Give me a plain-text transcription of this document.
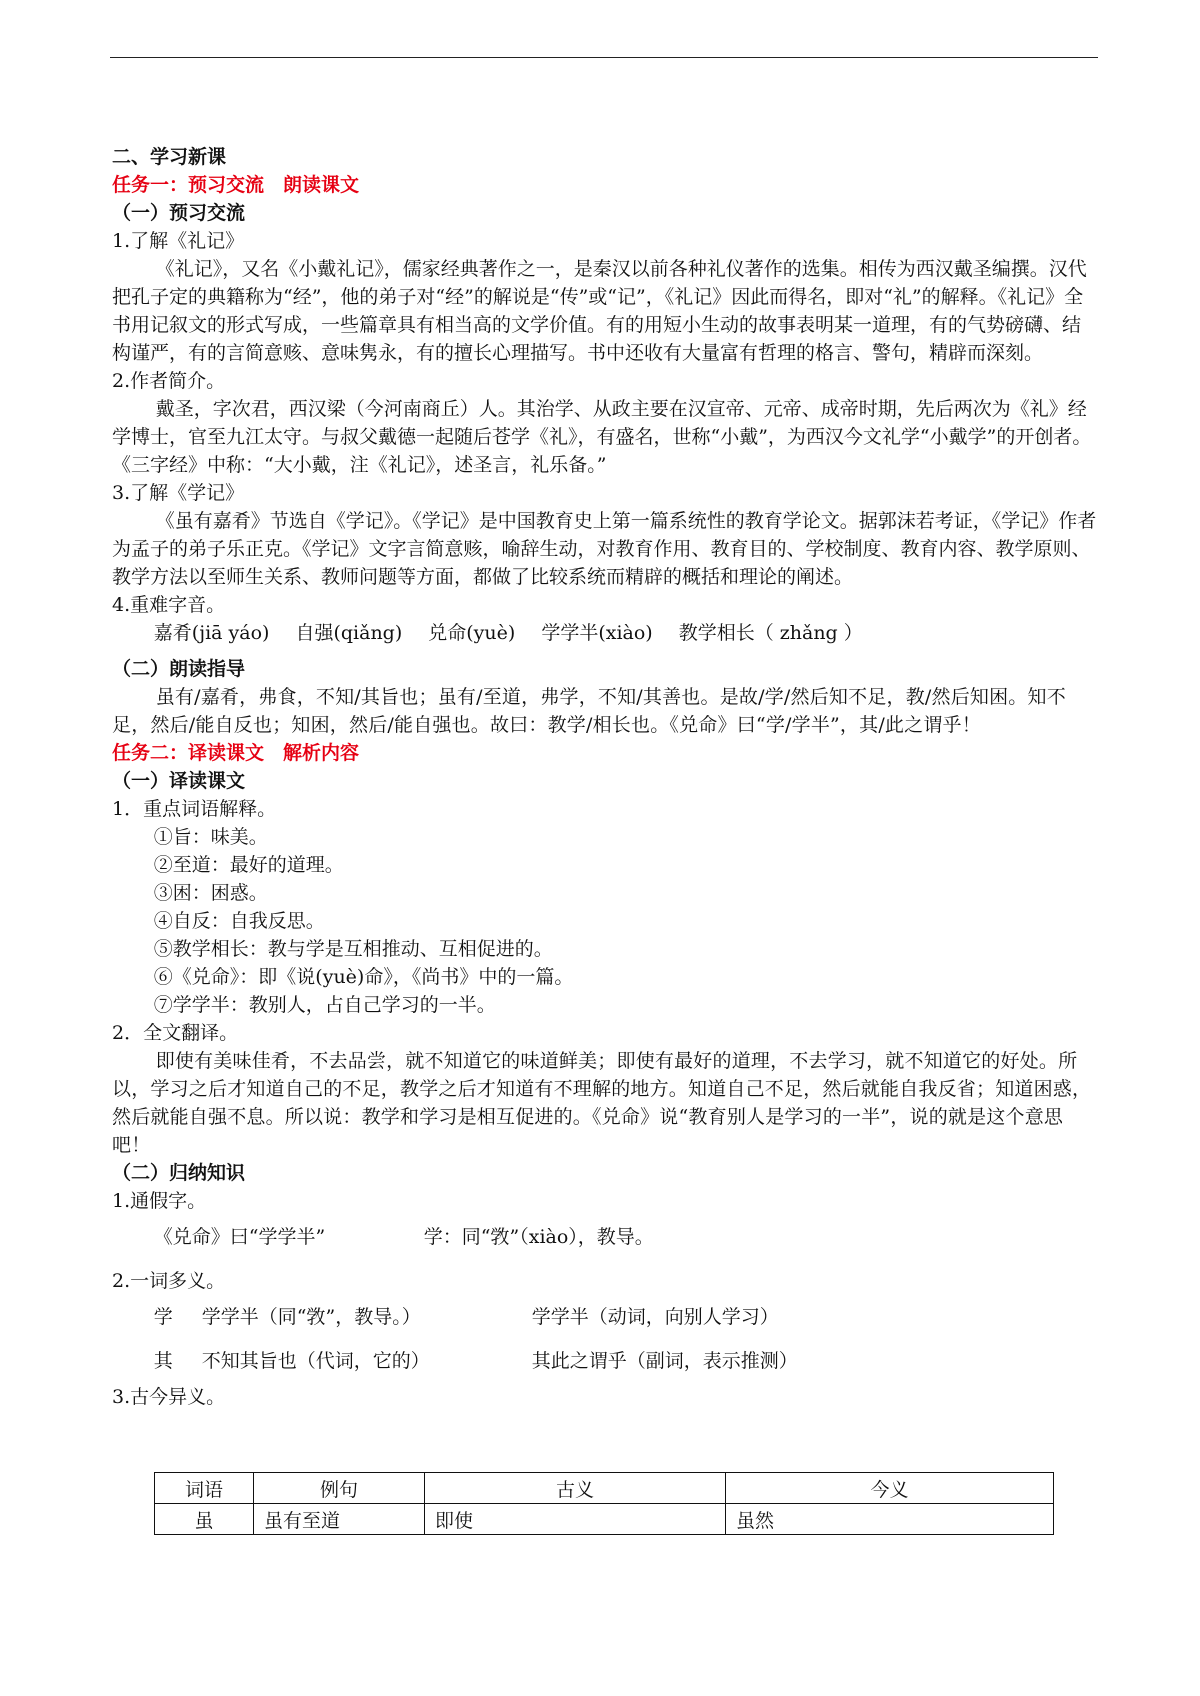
二、学习新课

任务一：预习交流　朗读课文

（一）预习交流

1.了解《礼记》

《礼记》，又名《小戴礼记》，儒家经典著作之一，是秦汉以前各种礼仪著作的选集。相传为西汉戴圣编撰。汉代把孔子定的典籍称为“经”，他的弟子对“经”的解说是“传”或“记”，《礼记》因此而得名，即对“礼”的解释。《礼记》全书用记叙文的形式写成，一些篇章具有相当高的文学价值。有的用短小生动的故事表明某一道理，有的气势磅礴、结构谨严，有的言简意赅、意味隽永，有的擅长心理描写。书中还收有大量富有哲理的格言、警句，精辟而深刻。

2.作者简介。

戴圣，字次君，西汉梁（今河南商丘）人。其治学、从政主要在汉宣帝、元帝、成帝时期，先后两次为《礼》经学博士，官至九江太守。与叔父戴德一起随后苍学《礼》，有盛名，世称“小戴”，为西汉今文礼学“小戴学”的开创者。《三字经》中称：“大小戴，注《礼记》，述圣言，礼乐备。”

3.了解《学记》

《虽有嘉肴》节选自《学记》。《学记》是中国教育史上第一篇系统性的教育学论文。据郭沫若考证，《学记》作者为孟子的弟子乐正克。《学记》文字言简意赅，喻辞生动，对教育作用、教育目的、学校制度、教育内容、教学原则、教学方法以至师生关系、教师问题等方面，都做了比较系统而精辟的概括和理论的阐述。

4.重难字音。

嘉肴(jiā yáo) 自强(qiǎng) 兑命(yuè) 学学半(xiào) 教学相长（ zhǎng ）

（二）朗读指导

虽有/嘉肴，弗食，不知/其旨也；虽有/至道，弗学，不知/其善也。是故/学/然后知不足，教/然后知困。知不足，然后/能自反也；知困，然后/能自强也。故曰：教学/相长也。《兑命》曰“学/学半”，其/此之谓乎！

任务二：译读课文　解析内容

（一）译读课文

1．重点词语解释。

①旨：味美。

②至道：最好的道理。

③困：困惑。

④自反：自我反思。

⑤教学相长：教与学是互相推动、互相促进的。

⑥《兑命》：即《说(yuè)命》，《尚书》中的一篇。

⑦学学半：教别人，占自己学习的一半。

2．全文翻译。

即使有美味佳肴，不去品尝，就不知道它的味道鲜美；即使有最好的道理，不去学习，就不知道它的好处。所以，学习之后才知道自己的不足，教学之后才知道有不理解的地方。知道自己不足，然后就能自我反省；知道困惑，然后就能自强不息。所以说：教学和学习是相互促进的。《兑命》说“教育别人是学习的一半”，说的就是这个意思吧！

（二）归纳知识

1.通假字。

《兑命》曰“学学半”	学：同“敩”（xiào），教导。

2.一词多义。

学	学学半（同“敩”，教导。）	学学半（动词，向别人学习）

其	不知其旨也（代词，它的）	其此之谓乎（副词，表示推测）

3.古今异义。

词语	例句	古义	今义
虽	虽有至道	即使	虽然
